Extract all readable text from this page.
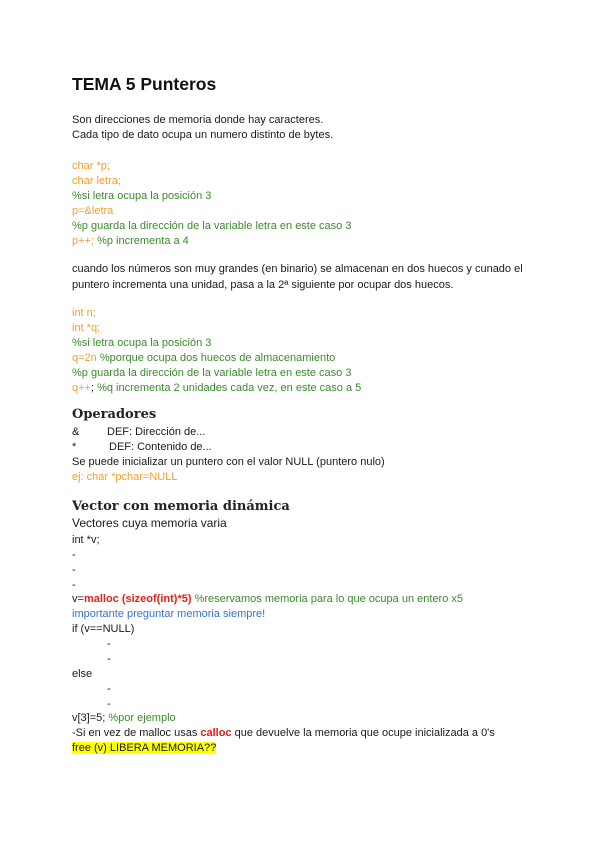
TEMA 5 Punteros
Son direcciones de memoria donde hay caracteres.
Cada tipo de dato ocupa un numero distinto de bytes.
char *p;
char letra;
%si letra ocupa la posición 3
p=&letra
%p guarda la dirección de la variable letra en este caso 3
p++; %p incrementa a 4
cuando los números son muy grandes (en binario) se almacenan en dos huecos y cunado el puntero incrementa una unidad, pasa a la 2ª siguiente por ocupar dos huecos.
int n;
int *q;
%si letra ocupa la posición 3
q=2n %porque ocupa dos huecos de almacenamiento
%p guarda la dirección de la variable letra en este caso 3
q++; %q incrementa 2 unidades cada vez, en este caso a 5
Operadores
&	DEF: Dirección de...
*	DEF: Contenido de...
Se puede inicializar un puntero con el valor NULL (puntero nulo)
ej: char *pchar=NULL
Vector con memoria dinámica
Vectores cuya memoria varia
int *v;
-
-
-
v=malloc (sizeof(int)*5) %reservamos memoria para lo que ocupa un entero x5
importante preguntar memoria siempre!
if (v==NULL)
-
-
else
-
-
v[3]=5; %por ejemplo
-Si en vez de malloc usas calloc que devuelve la memoria que ocupe inicializada a 0's
free (v) LIBERA MEMORIA??
